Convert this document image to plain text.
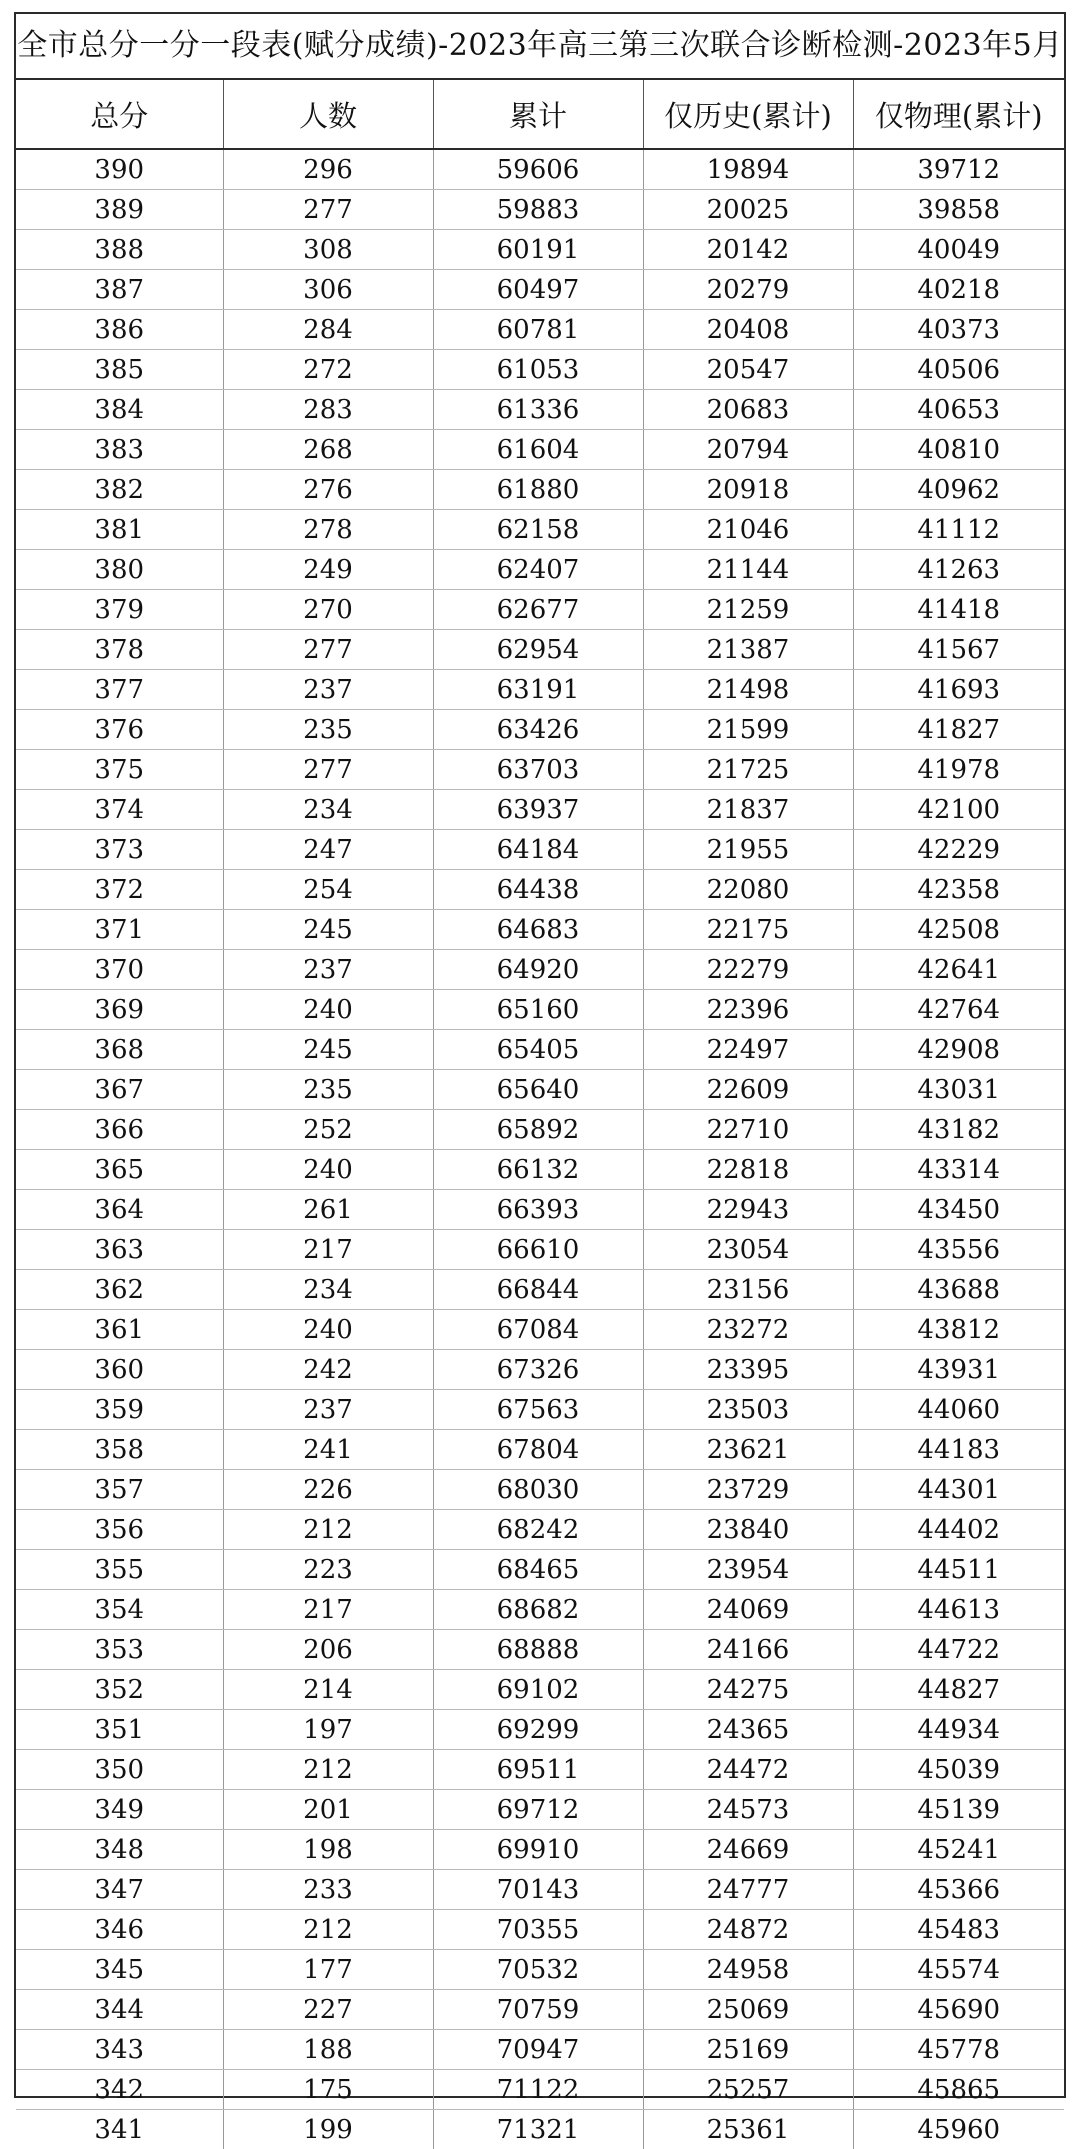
全市总分一分一段表(赋分成绩)-2023年高三第三次联合诊断检测-2023年5月
总分	人数	累计	仅历史(累计)	仅物理(累计)
390	296	59606	19894	39712
389	277	59883	20025	39858
388	308	60191	20142	40049
387	306	60497	20279	40218
386	284	60781	20408	40373
385	272	61053	20547	40506
384	283	61336	20683	40653
383	268	61604	20794	40810
382	276	61880	20918	40962
381	278	62158	21046	41112
380	249	62407	21144	41263
379	270	62677	21259	41418
378	277	62954	21387	41567
377	237	63191	21498	41693
376	235	63426	21599	41827
375	277	63703	21725	41978
374	234	63937	21837	42100
373	247	64184	21955	42229
372	254	64438	22080	42358
371	245	64683	22175	42508
370	237	64920	22279	42641
369	240	65160	22396	42764
368	245	65405	22497	42908
367	235	65640	22609	43031
366	252	65892	22710	43182
365	240	66132	22818	43314
364	261	66393	22943	43450
363	217	66610	23054	43556
362	234	66844	23156	43688
361	240	67084	23272	43812
360	242	67326	23395	43931
359	237	67563	23503	44060
358	241	67804	23621	44183
357	226	68030	23729	44301
356	212	68242	23840	44402
355	223	68465	23954	44511
354	217	68682	24069	44613
353	206	68888	24166	44722
352	214	69102	24275	44827
351	197	69299	24365	44934
350	212	69511	24472	45039
349	201	69712	24573	45139
348	198	69910	24669	45241
347	233	70143	24777	45366
346	212	70355	24872	45483
345	177	70532	24958	45574
344	227	70759	25069	45690
343	188	70947	25169	45778
342	175	71122	25257	45865
341	199	71321	25361	45960
